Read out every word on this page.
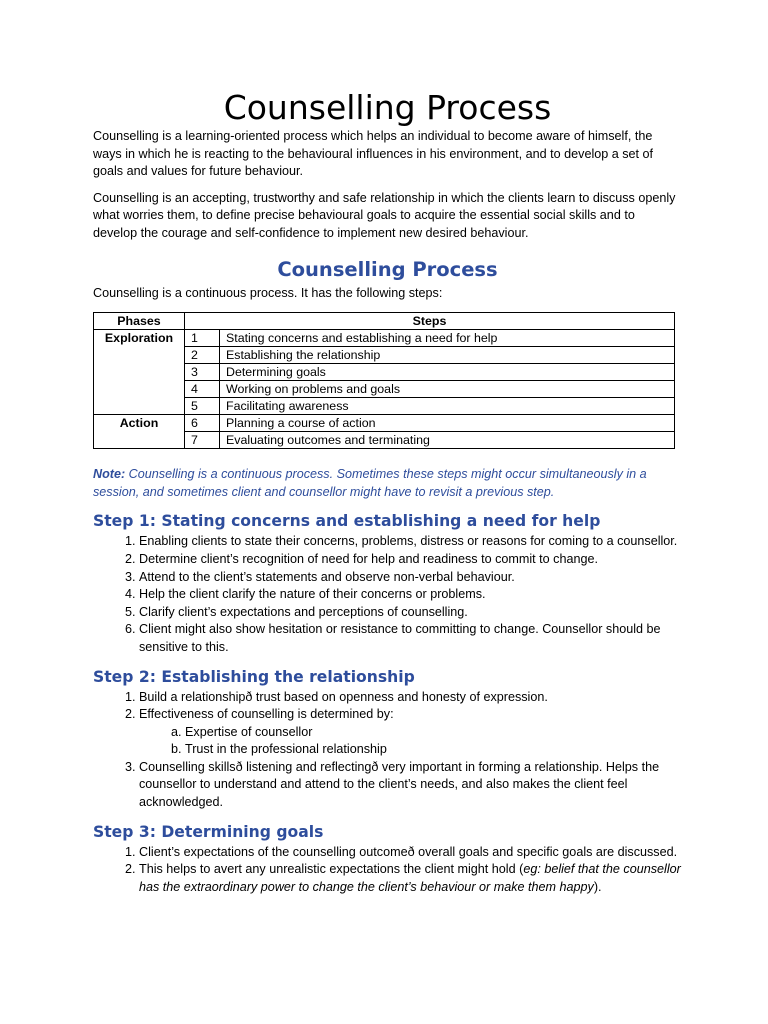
Counselling Process

Counselling is a learning-oriented process which helps an individual to become aware of himself, the ways in which he is reacting to the behavioural influences in his environment, and to develop a set of goals and values for future behaviour.

Counselling is an accepting, trustworthy and safe relationship in which the clients learn to discuss openly what worries them, to define precise behavioural goals to acquire the essential social skills and to develop the courage and self-confidence to implement new desired behaviour.

Counselling Process

Counselling is a continuous process. It has the following steps:

Phases	Steps	
Exploration	1	Stating concerns and establishing a need for help
	2	Establishing the relationship
	3	Determining goals
	4	Working on problems and goals
	5	Facilitating awareness
Action	6	Planning a course of action
	7	Evaluating outcomes and terminating

Note: Counselling is a continuous process. Sometimes these steps might occur simultaneously in a session, and sometimes client and counsellor might have to revisit a previous step.

Step 1: Stating concerns and establishing a need for help
1. Enabling clients to state their concerns, problems, distress or reasons for coming to a counsellor.
2. Determine client’s recognition of need for help and readiness to commit to change.
3. Attend to the client’s statements and observe non-verbal behaviour.
4. Help the client clarify the nature of their concerns or problems.
5. Clarify client’s expectations and perceptions of counselling.
6. Client might also show hesitation or resistance to committing to change. Counsellor should be sensitive to this.
Step 2: Establishing the relationship
1. Build a relationshipð trust based on openness and honesty of expression.
2. Effectiveness of counselling is determined by:
a. Expertise of counsellor
b. Trust in the professional relationship
3. Counselling skillsð listening and reflectingð very important in forming a relationship. Helps the counsellor to understand and attend to the client’s needs, and also makes the client feel acknowledged.
Step 3: Determining goals
1. Client’s expectations of the counselling outcomeð overall goals and specific goals are discussed.
2. This helps to avert any unrealistic expectations the client might hold (eg: belief that the counsellor has the extraordinary power to change the client’s behaviour or make them happy).
